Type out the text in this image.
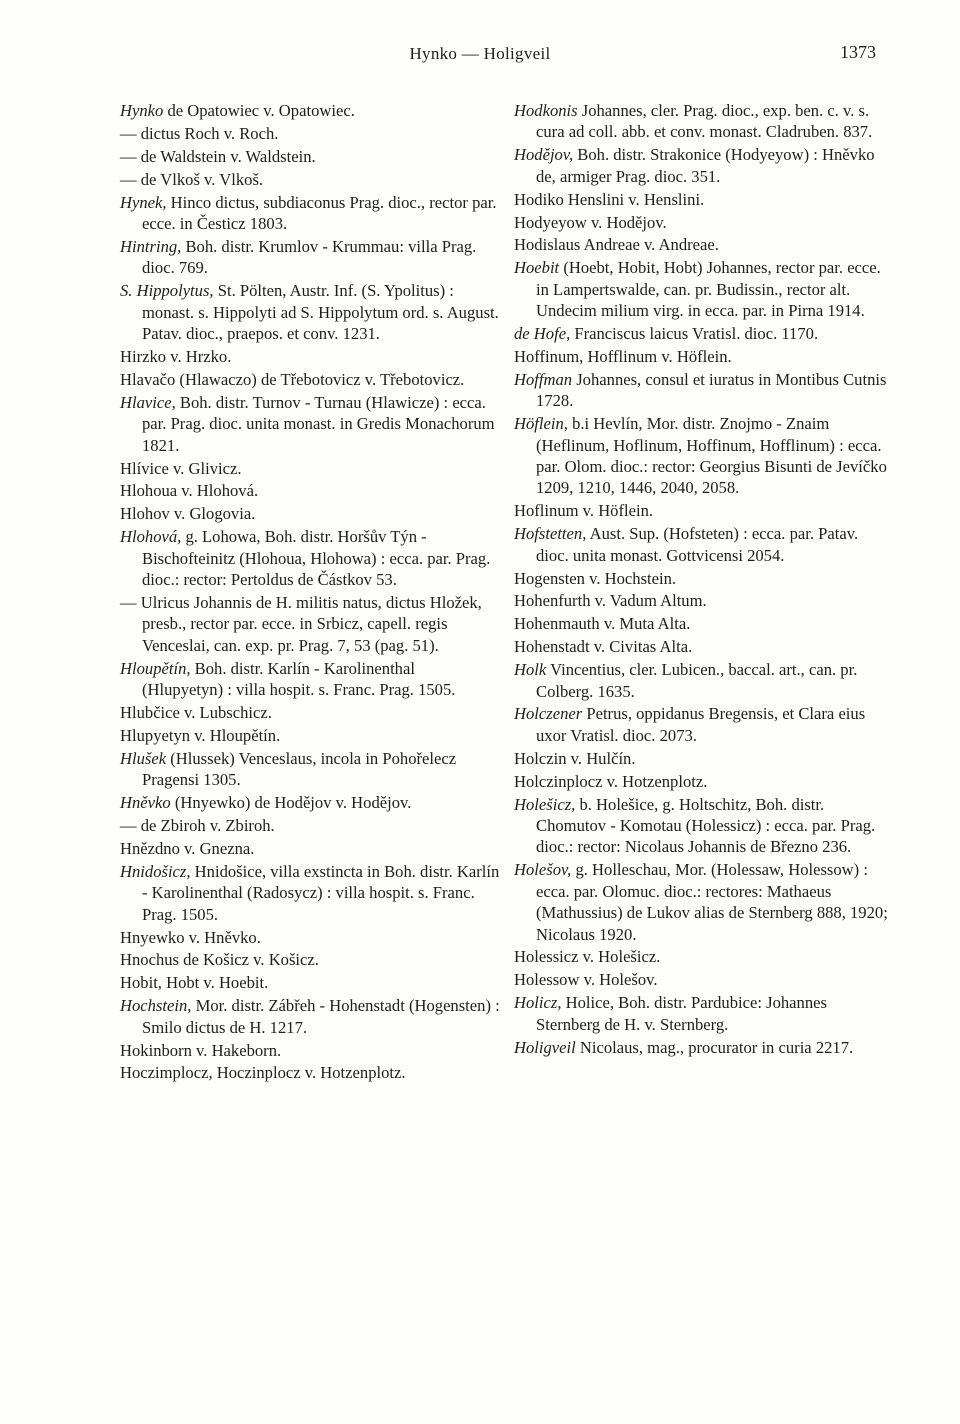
Hynko — Holigveil	1373
Hynko de Opatowiec v. Opatowiec.
— dictus Roch v. Roch.
— de Waldstein v. Waldstein.
— de Vlkoš v. Vlkoš.
Hynek, Hinco dictus, subdiaconus Prag. dioc., rector par. ecce. in Česticz 1803.
Hintring, Boh. distr. Krumlov - Krummau: villa Prag. dioc. 769.
S. Hippolytus, St. Pölten, Austr. Inf. (S. Ypolitus) : monast. s. Hippolyti ad S. Hippolytum ord. s. August. Patav. dioc., praepos. et conv. 1231.
Hirzko v. Hrzko.
Hlavačo (Hlawaczo) de Třebotovicz v. Třebotovicz.
Hlavice, Boh. distr. Turnov - Turnau (Hlawicze) : ecca. par. Prag. dioc. unita monast. in Gredis Monachorum 1821.
Hlívice v. Glivicz.
Hlohoua v. Hlohová.
Hlohov v. Glogovia.
Hlohová, g. Lohowa, Boh. distr. Horšův Týn - Bischofteinitz (Hlohoua, Hlohowa) : ecca. par. Prag. dioc.: rector: Pertoldus de Částkov 53.
— Ulricus Johannis de H. militis natus, dictus Hložek, presb., rector par. ecce. in Srbicz, capell. regis Venceslai, can. exp. pr. Prag. 7, 53 (pag. 51).
Hloupětín, Boh. distr. Karlín - Karolinenthal (Hlupyetyn) : villa hospit. s. Franc. Prag. 1505.
Hlubčice v. Lubschicz.
Hlupyetyn v. Hloupětín.
Hlušek (Hlussek) Venceslaus, incola in Pohořelecz Pragensi 1305.
Hněvko (Hnyewko) de Hodějov v. Hodějov.
— de Zbiroh v. Zbiroh.
Hnězdno v. Gnezna.
Hnidošicz, Hnidošice, villa exstincta in Boh. distr. Karlín - Karolinenthal (Radosycz) : villa hospit. s. Franc. Prag. 1505.
Hnyewko v. Hněvko.
Hnochus de Košicz v. Košicz.
Hobit, Hobt v. Hoebit.
Hochstein, Mor. distr. Zábřeh - Hohenstadt (Hogensten) : Smilo dictus de H. 1217.
Hokinborn v. Hakeborn.
Hoczimplocz, Hoczinplocz v. Hotzenplotz.
Hodkonis Johannes, cler. Prag. dioc., exp. ben. c. v. s. cura ad coll. abb. et conv. monast. Cladruben. 837.
Hodějov, Boh. distr. Strakonice (Hodyeyow) : Hněvko de, armiger Prag. dioc. 351.
Hodiko Henslini v. Henslini.
Hodyeyow v. Hodějov.
Hodislaus Andreae v. Andreae.
Hoebit (Hoebt, Hobit, Hobt) Johannes, rector par. ecce. in Lampertswalde, can. pr. Budissin., rector alt. Undecim milium virg. in ecca. par. in Pirna 1914.
de Hofe, Franciscus laicus Vratisl. dioc. 1170.
Hoffinum, Hofflinum v. Höflein.
Hoffman Johannes, consul et iuratus in Montibus Cutnis 1728.
Höflein, b.i Hevlín, Mor. distr. Znojmo - Znaim (Heflinum, Hoflinum, Hoffinum, Hofflinum) : ecca. par. Olom. dioc.: rector: Georgius Bisunti de Jevíčko 1209, 1210, 1446, 2040, 2058.
Hoflinum v. Höflein.
Hofstetten, Aust. Sup. (Hofsteten) : ecca. par. Patav. dioc. unita monast. Gottvicensi 2054.
Hogensten v. Hochstein.
Hohenfurth v. Vadum Altum.
Hohenmauth v. Muta Alta.
Hohenstadt v. Civitas Alta.
Holk Vincentius, cler. Lubicen., baccal. art., can. pr. Colberg. 1635.
Holczener Petrus, oppidanus Bregensis, et Clara eius uxor Vratisl. dioc. 2073.
Holczin v. Hulčín.
Holczinplocz v. Hotzenplotz.
Holešicz, b. Holešice, g. Holtschitz, Boh. distr. Chomutov - Komotau (Holessicz) : ecca. par. Prag. dioc.: rector: Nicolaus Johannis de Březno 236.
Holešov, g. Holleschau, Mor. (Holessaw, Holessow) : ecca. par. Olomuc. dioc.: rectores: Mathaeus (Mathussius) de Lukov alias de Sternberg 888, 1920; Nicolaus 1920.
Holessicz v. Holešicz.
Holessow v. Holešov.
Holicz, Holice, Boh. distr. Pardubice: Johannes Sternberg de H. v. Sternberg.
Holigveil Nicolaus, mag., procurator in curia 2217.
